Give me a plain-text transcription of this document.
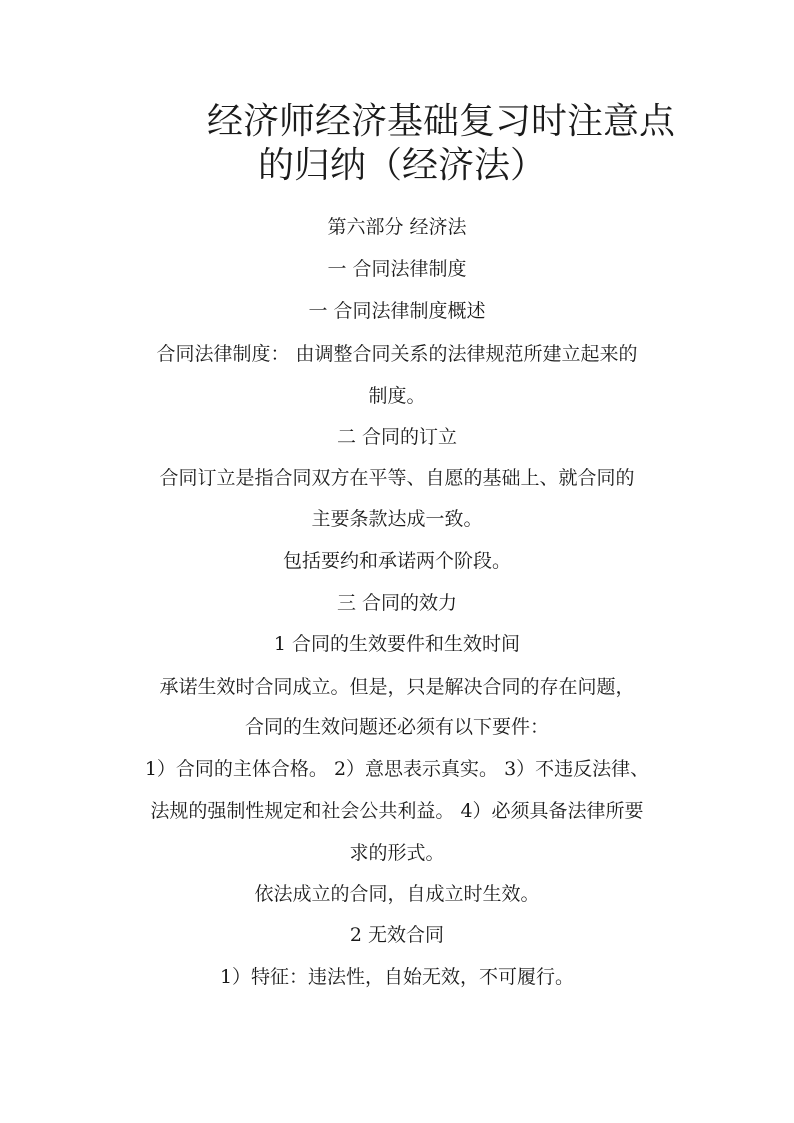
经济师经济基础复习时注意点
的归纳（经济法）
第六部分 经济法
一 合同法律制度
一 合同法律制度概述
合同法律制度： 由调整合同关系的法律规范所建立起来的
制度。
二 合同的订立
合同订立是指合同双方在平等、自愿的基础上、就合同的
主要条款达成一致。
包括要约和承诺两个阶段。
三 合同的效力
1 合同的生效要件和生效时间
承诺生效时合同成立。但是，只是解决合同的存在问题，
合同的生效问题还必须有以下要件：
1）合同的主体合格。 2）意思表示真实。 3）不违反法律、
法规的强制性规定和社会公共利益。 4）必须具备法律所要
求的形式。
依法成立的合同，自成立时生效。
2 无效合同
1）特征：违法性，自始无效，不可履行。
